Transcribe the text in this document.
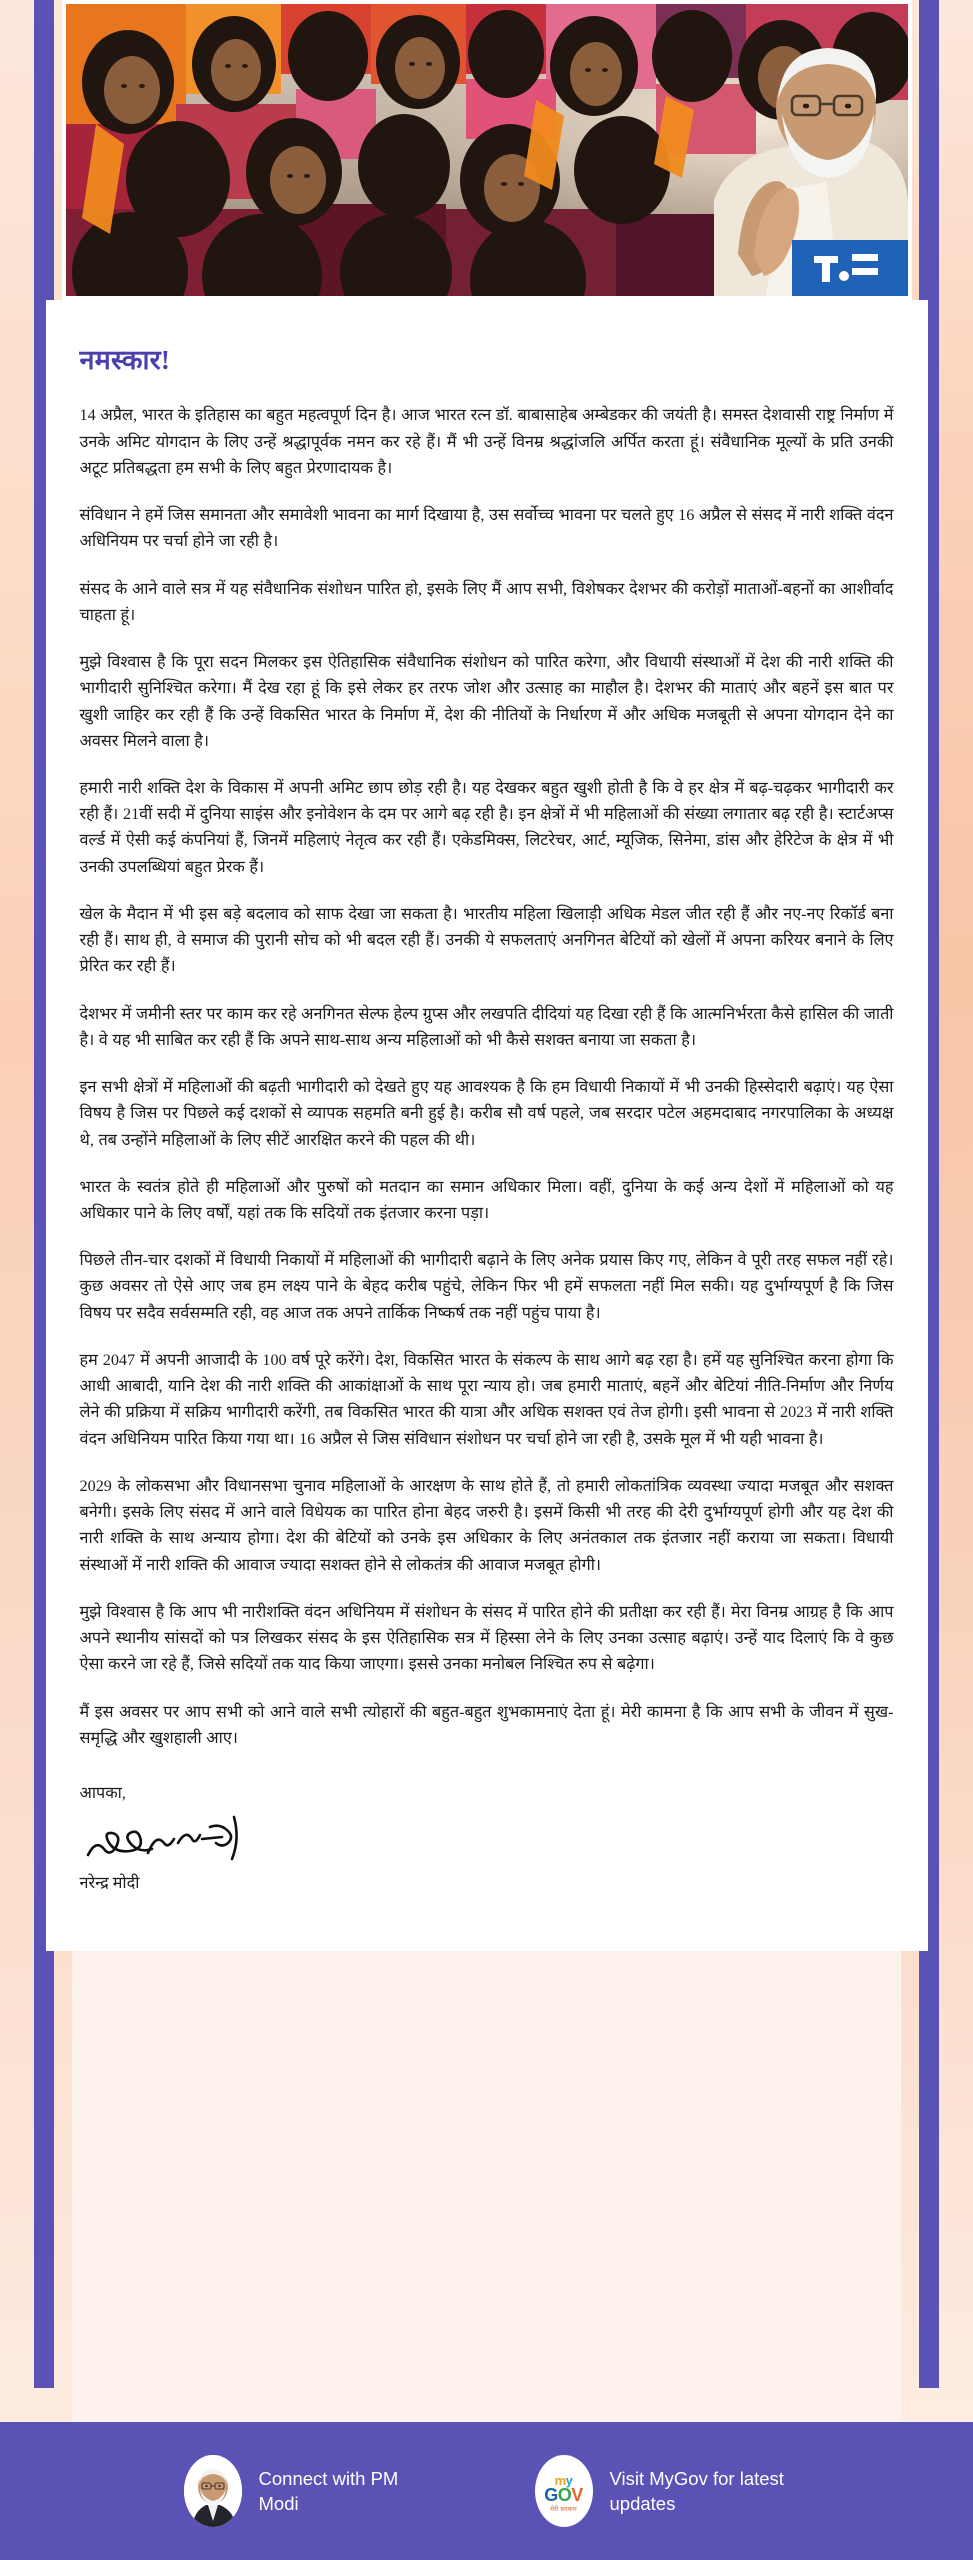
नमस्कार!

14 अप्रैल, भारत के इतिहास का बहुत महत्वपूर्ण दिन है। आज भारत रत्न डॉ. बाबासाहेब अम्बेडकर की जयंती है। समस्त देशवासी राष्ट्र निर्माण में उनके अमिट योगदान के लिए उन्हें श्रद्धापूर्वक नमन कर रहे हैं। मैं भी उन्हें विनम्र श्रद्धांजलि अर्पित करता हूं। संवैधानिक मूल्यों के प्रति उनकी अटूट प्रतिबद्धता हम सभी के लिए बहुत प्रेरणादायक है।

संविधान ने हमें जिस समानता और समावेशी भावना का मार्ग दिखाया है, उस सर्वोच्च भावना पर चलते हुए 16 अप्रैल से संसद में नारी शक्ति वंदन अधिनियम पर चर्चा होने जा रही है।

संसद के आने वाले सत्र में यह संवैधानिक संशोधन पारित हो, इसके लिए मैं आप सभी, विशेषकर देशभर की करोड़ों माताओं-बहनों का आशीर्वाद चाहता हूं।

मुझे विश्वास है कि पूरा सदन मिलकर इस ऐतिहासिक संवैधानिक संशोधन को पारित करेगा, और विधायी संस्थाओं में देश की नारी शक्ति की भागीदारी सुनिश्चित करेगा। मैं देख रहा हूं कि इसे लेकर हर तरफ जोश और उत्साह का माहौल है। देशभर की माताएं और बहनें इस बात पर खुशी जाहिर कर रही हैं कि उन्हें विकसित भारत के निर्माण में, देश की नीतियों के निर्धारण में और अधिक मजबूती से अपना योगदान देने का अवसर मिलने वाला है।

हमारी नारी शक्ति देश के विकास में अपनी अमिट छाप छोड़ रही है। यह देखकर बहुत खुशी होती है कि वे हर क्षेत्र में बढ़-चढ़कर भागीदारी कर रही हैं। 21वीं सदी में दुनिया साइंस और इनोवेशन के दम पर आगे बढ़ रही है। इन क्षेत्रों में भी महिलाओं की संख्या लगातार बढ़ रही है। स्टार्टअप्स वर्ल्ड में ऐसी कई कंपनियां हैं, जिनमें महिलाएं नेतृत्व कर रही हैं। एकेडमिक्स, लिटरेचर, आर्ट, म्यूजिक, सिनेमा, डांस और हेरिटेज के क्षेत्र में भी उनकी उपलब्धियां बहुत प्रेरक हैं।

खेल के मैदान में भी इस बड़े बदलाव को साफ देखा जा सकता है। भारतीय महिला खिलाड़ी अधिक मेडल जीत रही हैं और नए-नए रिकॉर्ड बना रही हैं। साथ ही, वे समाज की पुरानी सोच को भी बदल रही हैं। उनकी ये सफलताएं अनगिनत बेटियों को खेलों में अपना करियर बनाने के लिए प्रेरित कर रही हैं।

देशभर में जमीनी स्तर पर काम कर रहे अनगिनत सेल्फ हेल्प ग्रुप्स और लखपति दीदियां यह दिखा रही हैं कि आत्मनिर्भरता कैसे हासिल की जाती है। वे यह भी साबित कर रही हैं कि अपने साथ-साथ अन्य महिलाओं को भी कैसे सशक्त बनाया जा सकता है।

इन सभी क्षेत्रों में महिलाओं की बढ़ती भागीदारी को देखते हुए यह आवश्यक है कि हम विधायी निकायों में भी उनकी हिस्सेदारी बढ़ाएं। यह ऐसा विषय है जिस पर पिछले कई दशकों से व्यापक सहमति बनी हुई है। करीब सौ वर्ष पहले, जब सरदार पटेल अहमदाबाद नगरपालिका के अध्यक्ष थे, तब उन्होंने महिलाओं के लिए सीटें आरक्षित करने की पहल की थी।

भारत के स्वतंत्र होते ही महिलाओं और पुरुषों को मतदान का समान अधिकार मिला। वहीं, दुनिया के कई अन्य देशों में महिलाओं को यह अधिकार पाने के लिए वर्षों, यहां तक कि सदियों तक इंतजार करना पड़ा।

पिछले तीन-चार दशकों में विधायी निकायों में महिलाओं की भागीदारी बढ़ाने के लिए अनेक प्रयास किए गए, लेकिन वे पूरी तरह सफल नहीं रहे। कुछ अवसर तो ऐसे आए जब हम लक्ष्य पाने के बेहद करीब पहुंचे, लेकिन फिर भी हमें सफलता नहीं मिल सकी। यह दुर्भाग्यपूर्ण है कि जिस विषय पर सदैव सर्वसम्मति रही, वह आज तक अपने तार्किक निष्कर्ष तक नहीं पहुंच पाया है।

हम 2047 में अपनी आजादी के 100 वर्ष पूरे करेंगे। देश, विकसित भारत के संकल्प के साथ आगे बढ़ रहा है। हमें यह सुनिश्चित करना होगा कि आधी आबादी, यानि देश की नारी शक्ति की आकांक्षाओं के साथ पूरा न्याय हो। जब हमारी माताएं, बहनें और बेटियां नीति-निर्माण और निर्णय लेने की प्रक्रिया में सक्रिय भागीदारी करेंगी, तब विकसित भारत की यात्रा और अधिक सशक्त एवं तेज होगी। इसी भावना से 2023 में नारी शक्ति वंदन अधिनियम पारित किया गया था। 16 अप्रैल से जिस संविधान संशोधन पर चर्चा होने जा रही है, उसके मूल में भी यही भावना है।

2029 के लोकसभा और विधानसभा चुनाव महिलाओं के आरक्षण के साथ होते हैं, तो हमारी लोकतांत्रिक व्यवस्था ज्यादा मजबूत और सशक्त बनेगी। इसके लिए संसद में आने वाले विधेयक का पारित होना बेहद जरुरी है। इसमें किसी भी तरह की देरी दुर्भाग्यपूर्ण होगी और यह देश की नारी शक्ति के साथ अन्याय होगा। देश की बेटियों को उनके इस अधिकार के लिए अनंतकाल तक इंतजार नहीं कराया जा सकता। विधायी संस्थाओं में नारी शक्ति की आवाज ज्यादा सशक्त होने से लोकतंत्र की आवाज मजबूत होगी।

मुझे विश्वास है कि आप भी नारीशक्ति वंदन अधिनियम में संशोधन के संसद में पारित होने की प्रतीक्षा कर रही हैं। मेरा विनम्र आग्रह है कि आप अपने स्थानीय सांसदों को पत्र लिखकर संसद के इस ऐतिहासिक सत्र में हिस्सा लेने के लिए उनका उत्साह बढ़ाएं। उन्हें याद दिलाएं कि वे कुछ ऐसा करने जा रहे हैं, जिसे सदियों तक याद किया जाएगा। इससे उनका मनोबल निश्चित रुप से बढ़ेगा।

मैं इस अवसर पर आप सभी को आने वाले सभी त्योहारों की बहुत-बहुत शुभकामनाएं देता हूं। मेरी कामना है कि आप सभी के जीवन में सुख-समृद्धि और खुशहाली आए।

आपका,
नरेन्द्र मोदी
Connect with PM Modi
my
GOV
मेरी सरकार
Visit MyGov for latest updates
